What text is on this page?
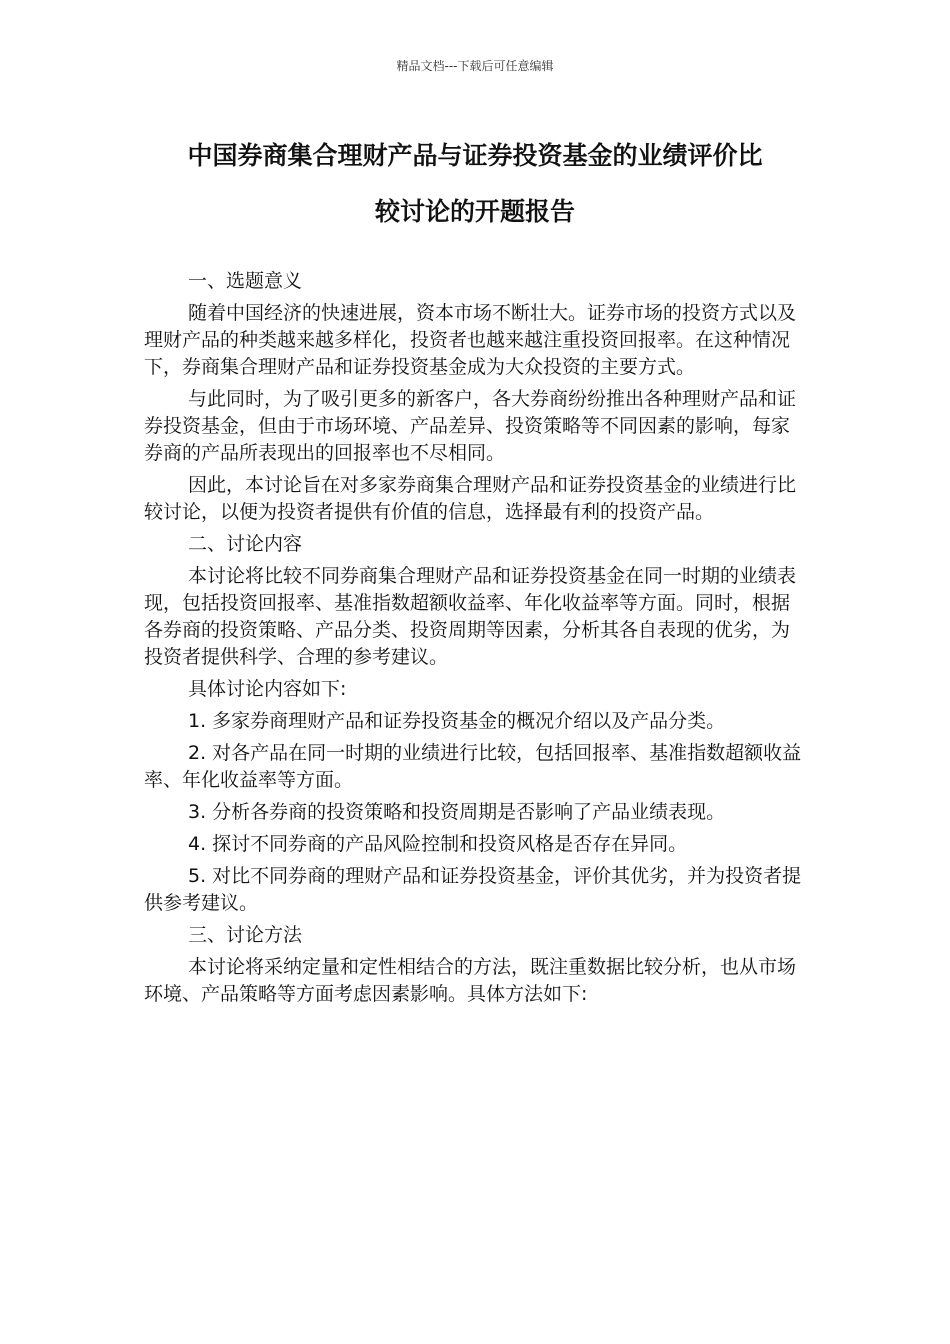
精品文档---下载后可任意编辑
中国券商集合理财产品与证券投资基金的业绩评价比
较讨论的开题报告
一、选题意义

随着中国经济的快速进展，资本市场不断壮大。证券市场的投资方式以及理财产品的种类越来越多样化，投资者也越来越注重投资回报率。在这种情况下，券商集合理财产品和证券投资基金成为大众投资的主要方式。

与此同时，为了吸引更多的新客户，各大券商纷纷推出各种理财产品和证券投资基金，但由于市场环境、产品差异、投资策略等不同因素的影响，每家券商的产品所表现出的回报率也不尽相同。

因此，本讨论旨在对多家券商集合理财产品和证券投资基金的业绩进行比较讨论，以便为投资者提供有价值的信息，选择最有利的投资产品。

二、讨论内容

本讨论将比较不同券商集合理财产品和证券投资基金在同一时期的业绩表现，包括投资回报率、基准指数超额收益率、年化收益率等方面。同时，根据各券商的投资策略、产品分类、投资周期等因素，分析其各自表现的优劣，为投资者提供科学、合理的参考建议。

具体讨论内容如下:

1. 多家券商理财产品和证券投资基金的概况介绍以及产品分类。

2. 对各产品在同一时期的业绩进行比较，包括回报率、基准指数超额收益率、年化收益率等方面。

3. 分析各券商的投资策略和投资周期是否影响了产品业绩表现。

4. 探讨不同券商的产品风险控制和投资风格是否存在异同。

5. 对比不同券商的理财产品和证券投资基金，评价其优劣，并为投资者提供参考建议。

三、讨论方法

本讨论将采纳定量和定性相结合的方法，既注重数据比较分析，也从市场环境、产品策略等方面考虑因素影响。具体方法如下:
